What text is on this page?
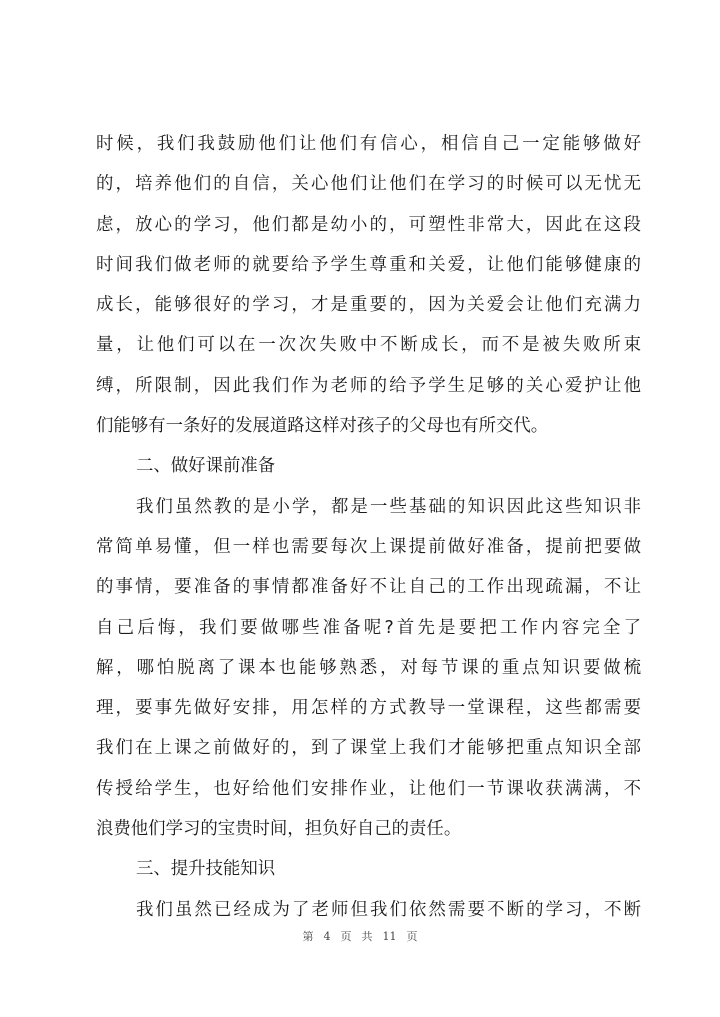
时候，我们我鼓励他们让他们有信心，相信自己一定能够做好
的，培养他们的自信，关心他们让他们在学习的时候可以无忧无
虑，放心的学习，他们都是幼小的，可塑性非常大，因此在这段
时间我们做老师的就要给予学生尊重和关爱，让他们能够健康的
成长，能够很好的学习，才是重要的，因为关爱会让他们充满力
量，让他们可以在一次次失败中不断成长，而不是被失败所束
缚，所限制，因此我们作为老师的给予学生足够的关心爱护让他
们能够有一条好的发展道路这样对孩子的父母也有所交代。
二、做好课前准备
我们虽然教的是小学，都是一些基础的知识因此这些知识非
常简单易懂，但一样也需要每次上课提前做好准备，提前把要做
的事情，要准备的事情都准备好不让自己的工作出现疏漏，不让
自己后悔，我们要做哪些准备呢?首先是要把工作内容完全了
解，哪怕脱离了课本也能够熟悉，对每节课的重点知识要做梳
理，要事先做好安排，用怎样的方式教导一堂课程，这些都需要
我们在上课之前做好的，到了课堂上我们才能够把重点知识全部
传授给学生，也好给他们安排作业，让他们一节课收获满满，不
浪费他们学习的宝贵时间，担负好自己的责任。
三、提升技能知识
我们虽然已经成为了老师但我们依然需要不断的学习，不断
第 4 页 共 11 页
